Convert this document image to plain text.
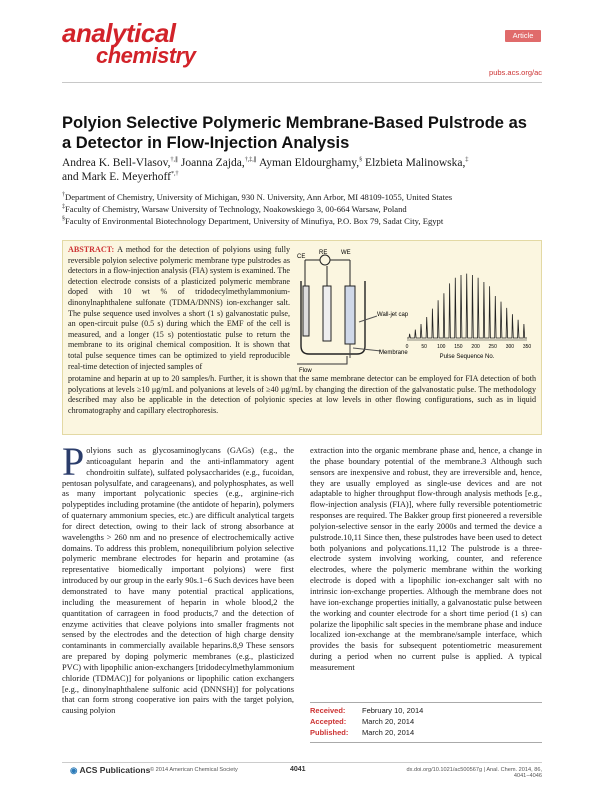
analytical
chemistry
Article
pubs.acs.org/ac
Polyion Selective Polymeric Membrane-Based Pulstrode as a Detector in Flow-Injection Analysis
Andrea K. Bell-Vlasov,†,∥ Joanna Zajda,†,‡,∥ Ayman Eldourghamy,§ Elzbieta Malinowska,‡
and Mark E. Meyerhoff*,†
†Department of Chemistry, University of Michigan, 930 N. University, Ann Arbor, MI 48109-1055, United States
‡Faculty of Chemistry, Warsaw University of Technology, Noakowskiego 3, 00-664 Warsaw, Poland
§Faculty of Environmental Biotechnology Department, University of Minufiya, P.O. Box 79, Sadat City, Egypt
ABSTRACT: A method for the detection of polyions using fully reversible polyion selective polymeric membrane type pulstrodes as detectors in a flow-injection analysis (FIA) system is examined. The detection electrode consists of a plasticized polymeric membrane doped with 10 wt % of tridodecylmethylammonium-dinonylnaphthalene sulfonate (TDMA/DNNS) ion-exchanger salt. The pulse sequence used involves a short (1 s) galvanostatic pulse, an open-circuit pulse (0.5 s) during which the EMF of the cell is measured, and a longer (15 s) potentiostatic pulse to return the membrane to its original chemical composition. It is shown that total pulse sequence times can be optimized to yield reproducible real-time detection of injected samples of
protamine and heparin at up to 20 samples/h. Further, it is shown that the same membrane detector can be employed for FIA detection of both polycations at levels ≥10 μg/mL and polyanions at levels of ≥40 μg/mL by changing the direction of the galvanostatic pulse. The methodology described may also be applicable in the detection of polyionic species at low levels in other flowing configurations, such as in liquid chromatography and capillary electrophoresis.
CE
RE WE
Wall-jet cap
Membrane
Flow
0	50 100 150 200 250 300 350
Pulse Sequence No.
Polyions such as glycosaminoglycans (GAGs) (e.g., the anticoagulant heparin and the anti-inflammatory agent chondroitin sulfate), sulfated polysaccharides (e.g., fucoidan, pentosan polysulfate, and carageenans), and polyphosphates, as well as many important polycationic species (e.g., arginine-rich polypeptides including protamine (the antidote of heparin), polymers of quaternary ammonium species, etc.) are difficult analytical targets for direct detection, owing to their lack of strong absorbance at wavelengths > 260 nm and no presence of electrochemically active domains. To address this problem, nonequilibrium polyion selective polymeric membrane electrodes for heparin and protamine (as representative biomedically important polyions) were first introduced by our group in the early 90s.1−6 Such devices have been demonstrated to have many potential practical applications, including the measurement of heparin in whole blood,2 the quantitation of carrageen in food products,7 and the detection of enzyme activities that cleave polyions into smaller fragments not sensed by the electrodes and the detection of high charge density contaminants in commercially available heparins.8,9 These sensors are prepared by doping polymeric membranes (e.g., plasticized PVC) with lipophilic anion-exchangers [tridodecylmethylammonium chloride (TDMAC)] for polyanions or lipophilic cation exchangers [e.g., dinonylnaphthalene sulfonic acid (DNNSH)] for polycations that can form strong cooperative ion pairs with the target polyion, causing polyion
extraction into the organic membrane phase and, hence, a change in the phase boundary potential of the membrane.3 Although such sensors are inexpensive and robust, they are irreversible and, hence, they are usually employed as single-use devices and are not adaptable to higher throughput flow-through analysis methods [e.g., flow-injection analysis (FIA)], where fully reversible potentiometric responses are required. The Bakker group first pioneered a reversible polyion-selective sensor in the early 2000s and termed the device a pulstrode.10,11 Since then, these pulstrodes have been used to detect both polyanions and polycations.11,12 The pulstrode is a three-electrode system involving working, counter, and reference electrodes, where the polymeric membrane within the working electrode is doped with a lipophilic ion-exchanger salt with no intrinsic ion-exchange properties. Although the membrane does not have ion-exchange properties initially, a galvanostatic pulse between the working and counter electrode for a short time period (1 s) can polarize the lipophilic salt species in the membrane phase and induce localized ion-exchange at the membrane/sample interface, which provides the basis for subsequent potentiometric measurement during a period when no current pulse is applied. A typical measurement
Received: February 10, 2014
Accepted: March 20, 2014
Published: March 20, 2014
◉ ACS Publications © 2014 American Chemical Society	4041	dx.doi.org/10.1021/ac500567g | Anal. Chem. 2014, 86, 4041−4046
